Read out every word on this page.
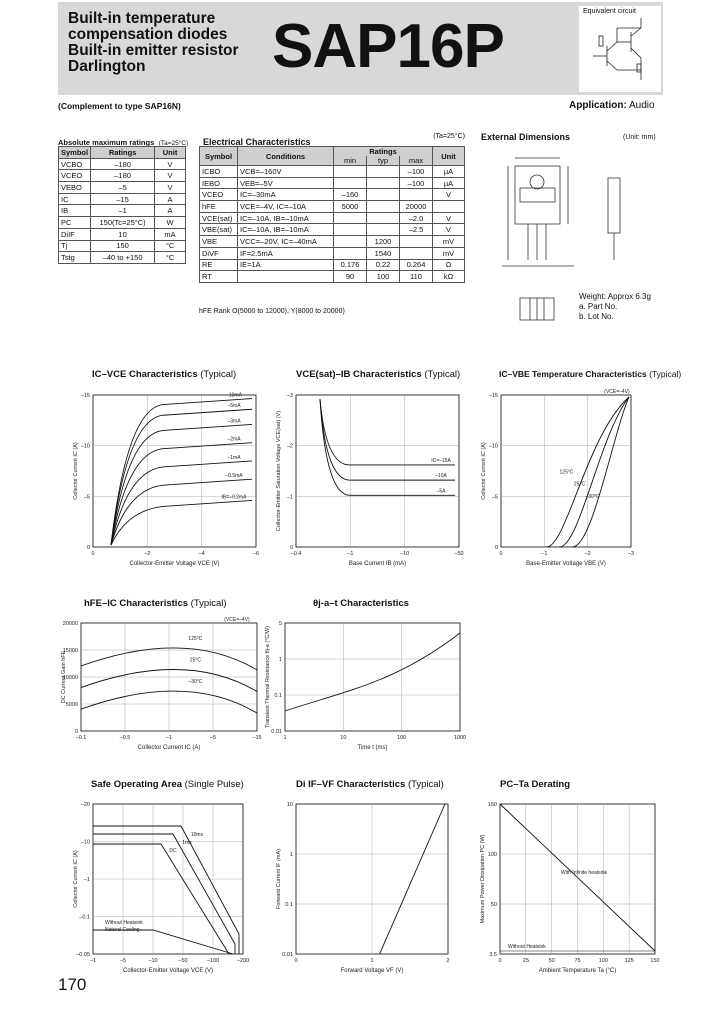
Built-in temperature
compensation diodes
Built-in emitter resistor
Darlington SAP16P
Equivalent circuit
(Complement to type SAP16N)	Application: Audio
Absolute maximum ratings (Ta=25°C)
Symbol	Ratings	Unit
VCBO	–180	V
VCEO	–180	V
VEBO	–5	V
IC	–15	A
IB	–1	A
PC	150(Tc=25°C)	W
DiIF	10	mA
Tj	150	°C
Tstg	–40 to +150	°C
Electrical Characteristics
(Ta=25°C)
Symbol	Conditions	Ratings			Unit
		min	typ	max	
ICBO	VCB=–160V			–100	µA
IEBO	VEB=–5V			–100	µA
VCEO	IC=–30mA	–160			V
hFE	VCE=–4V, IC=–10A	5000		20000	
VCE(sat)	IC=–10A, IB=–10mA			–2.0	V
VBE(sat)	IC=–10A, IB=–10mA			–2.5	V
VBE	VCC=–20V, IC=–40mA		1200		mV
DiVF	IF=2.5mA		1540		mV
RE	IE=1A	0.176	0.22	0.264	Ω
RT		90	100	110	kΩ
hFE Rank O(5000 to 12000), Y(8000 to 20000)
External Dimensions	(Unit: mm)
Weight: Approx 6.3g
a. Part No.
b. Lot No.
IC–VCE Characteristics (Typical)	VCE(sat)–IB Characteristics (Typical)	IC–VBE Temperature Characteristics (Typical)
hFE–IC Characteristics (Typical)	θj-a–t Characteristics
Safe Operating Area (Single Pulse)	Di IF–VF Characteristics (Typical)	PC–Ta Derating
0	–2	–4	–6
0
–5
–10
–15
Collector-Emitter Voltage VCE (V)
Collector Current IC (A)
–0.4	–1	–10	–50
0
–1
–2
–3
Base Current IB (mA)
Collector-Emitter Saturation Voltage VCE(sat) (V)
0	–1	–2	–3
0
–5
–10
–15
Base-Emitter Voltage VBE (V)
Collector Current IC (A)
–0.1	–0.5	–1	–5	–15
0
5000
10000
15000
20000
Collector Current IC (A)
DC Current Gain hFE
1	10	100	1000
0.01
0.1
1
5
Time t (ms)
Transient Thermal Resistance θj-a (°C/W)
–1	–5	–10	–50	–100	–200
–0.05
–0.1
–1
–10
–20
Collector-Emitter Voltage VCE (V)
Collector Current IC (A)
0	1	2
0.01
0.1
1
10
Forward Voltage VF (V)
Forward Current IF (mA)
0	25	50	75	100	125	150
3.5
50
100
150
Ambient Temperature Ta (°C)
Maximum Power Dissipation PC (W)
–10mA
–5mA
–3mA
–2mA
–1mA
–0.5mA
IB=–0.2mA
IC=–15A
–10A
–5A
125°C
25°C
–30°C
(VCE=–4V)
125°C
25°C
–30°C
(VCE=–4V)
10ms
1ms
DC
Without Heatsink
Natural Cooling
With Infinite heatsink
Without Heatsink
170
